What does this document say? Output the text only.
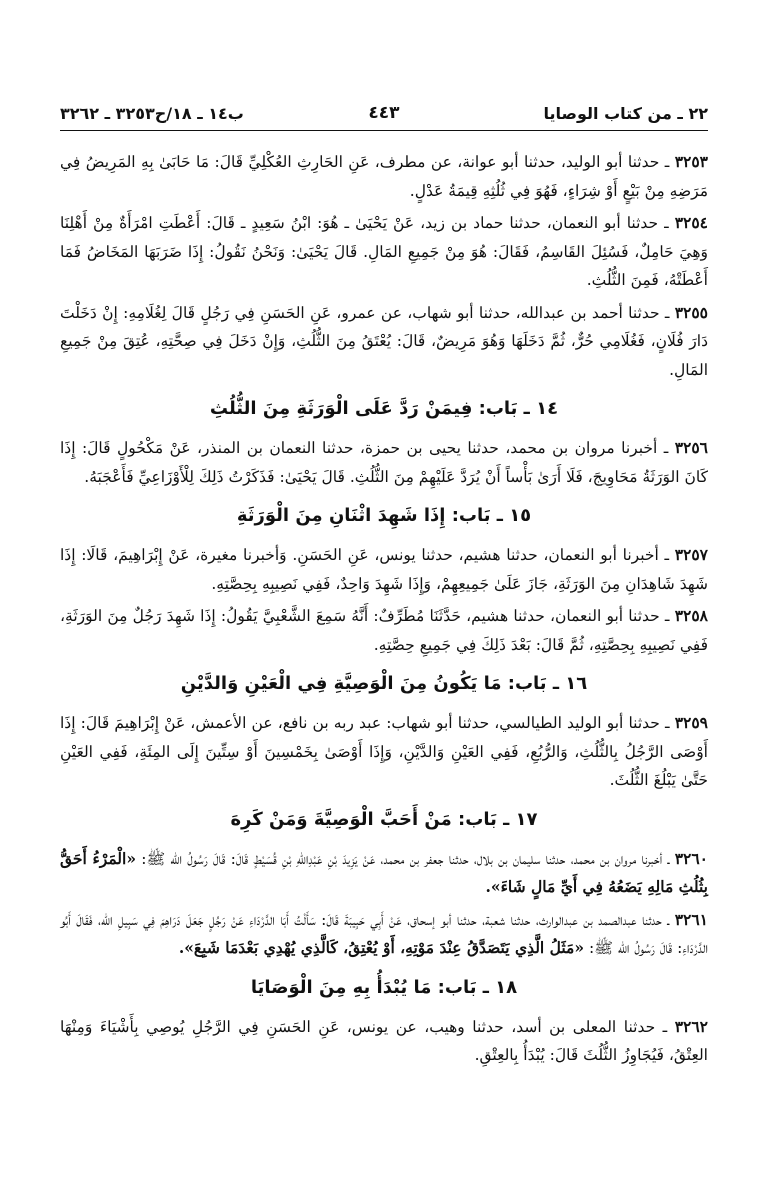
٢٢ ـ من كتاب الوصايا
٤٤٣
ب١٤ ـ ١٨/ح٣٢٥٣ ـ ٣٢٦٢

٣٢٥٣ ـ حدثنا أبو الوليد، حدثنا أبو عوانة، عن مطرف، عَنِ الحَارِثِ العُكْلِيِّ قَالَ: مَا حَابَىٰ بِهِ المَرِيضُ فِي مَرَضِهِ مِنْ بَيْعٍ أَوْ شِرَاءٍ، فَهُوَ فِي ثُلُثِهِ قِيمَةُ عَدْلٍ.

٣٢٥٤ ـ حدثنا أبو النعمان، حدثنا حماد بن زيد، عَنْ يَحْيَىٰ ـ هُوَ: ابْنُ سَعِيدٍ ـ قَالَ: أَعْطَتِ امْرَأَةٌ مِنْ أَهْلِنَا وَهِيَ حَامِلٌ، فَسُئِلَ القَاسِمُ، فَقَالَ: هُوَ مِنْ جَمِيعِ المَالِ. قَالَ يَحْيَىٰ: وَنَحْنُ نَقُولُ: إِذَا ضَرَبَهَا المَخَاضُ فَمَا أَعْطَتْهُ، فَمِنَ الثُّلُثِ.

٣٢٥٥ ـ حدثنا أحمد بن عبدالله، حدثنا أبو شهاب، عن عمرو، عَنِ الحَسَنِ فِي رَجُلٍ قَالَ لِغُلَامِهِ: إِنْ دَخَلْتَ دَارَ فُلَانٍ، فَغُلَامِي حُرٌّ، ثُمَّ دَخَلَهَا وَهُوَ مَرِيضٌ، قَالَ: يُعْتَقُ مِنَ الثُّلُثِ، وَإِنْ دَخَلَ فِي صِحَّتِهِ، عُتِقَ مِنْ جَمِيعِ المَالِ.

١٤ ـ بَاب: فِيمَنْ رَدَّ عَلَى الْوَرَثَةِ مِنَ الثُّلُثِ

٣٢٥٦ ـ أخبرنا مروان بن محمد، حدثنا يحيى بن حمزة، حدثنا النعمان بن المنذر، عَنْ مَكْحُولٍ قَالَ: إِذَا كَانَ الوَرَثَةُ مَحَاوِيجَ، فَلَا أَرَىٰ بَأْساً أَنْ يُرَدَّ عَلَيْهِمْ مِنَ الثُّلُثِ. قَالَ يَحْيَىٰ: فَذَكَرْتُ ذَلِكَ لِلْأَوْزَاعِيِّ فَأَعْجَبَهُ.

١٥ ـ بَاب: إِذَا شَهِدَ اثْنَانِ مِنَ الْوَرَثَةِ

٣٢٥٧ ـ أخبرنا أبو النعمان، حدثنا هشيم، حدثنا يونس، عَنِ الحَسَنِ. وَأخبرنا مغيرة، عَنْ إِبْرَاهِيمَ، قَالَا: إِذَا شَهِدَ شَاهِدَانِ مِنَ الوَرَثَةِ، جَازَ عَلَىٰ جَمِيعِهِمْ، وَإِذَا شَهِدَ وَاحِدٌ، فَفِي نَصِيبِهِ بِحِصَّتِهِ.

٣٢٥٨ ـ حدثنا أبو النعمان، حدثنا هشيم، حَدَّثَنَا مُطَرِّفٌ: أَنَّهُ سَمِعَ الشَّعْبِيَّ يَقُولُ: إِذَا شَهِدَ رَجُلٌ مِنَ الوَرَثَةِ، فَفِي نَصِيبِهِ بِحِصَّتِهِ، ثُمَّ قَالَ: بَعْدَ ذَلِكَ فِي جَمِيعِ حِصَّتِهِ.

١٦ ـ بَاب: مَا يَكُونُ مِنَ الْوَصِيَّةِ فِي الْعَيْنِ وَالدَّيْنِ

٣٢٥٩ ـ حدثنا أبو الوليد الطيالسي، حدثنا أبو شهاب: عبد ربه بن نافع، عن الأعمش، عَنْ إِبْرَاهِيمَ قَالَ: إِذَا أَوْصَى الرَّجُلُ بِالثُّلُثِ، وَالرُّبُعِ، فَفِي العَيْنِ وَالدَّيْنِ، وَإِذَا أَوْصَىٰ بِخَمْسِينَ أَوْ سِتِّينَ إِلَى المِئَةِ، فَفِي العَيْنِ حَتَّىٰ يَبْلُغَ الثُّلُثَ.

١٧ ـ بَاب: مَنْ أَحَبَّ الْوَصِيَّةَ وَمَنْ كَرِهَ

٣٢٦٠ ـ أخبرنا مروان بن محمد، حدثنا سليمان بن بلال، حدثنا جعفر بن محمد، عَنْ يَزِيدَ بْنِ عَبْدِاللهِ بْنِ قُسَيْطٍ قَالَ: قَالَ رَسُولُ الله ﷺ: «الْمَرْءُ أَحَقُّ بِثُلُثِ مَالِهِ يَضَعُهُ فِي أَيِّ مَالٍ شَاءَ».

٣٢٦١ ـ حدثنا عبدالصمد بن عبدالوارث، حدثنا شعبة، حدثنا أبو إسحاق، عَنْ أَبِي حَبِيبَةَ قَالَ: سَأَلْتُ أَبَا الدَّرْدَاءِ عَنْ رَجُلٍ جَعَلَ دَرَاهِمَ فِي سَبِيلِ الله، فَقَالَ أَبُو الدَّرْدَاءِ: قَالَ رَسُولُ الله ﷺ: «مَثَلُ الَّذِي يَتَصَدَّقُ عِنْدَ مَوْتِهِ، أَوْ يُعْتِقُ، كَالَّذِي يُهْدِي بَعْدَمَا شَبِعَ».

١٨ ـ بَاب: مَا يُبْدَأُ بِهِ مِنَ الْوَصَايَا

٣٢٦٢ ـ حدثنا المعلى بن أسد، حدثنا وهيب، عن يونس، عَنِ الحَسَنِ فِي الرَّجُلِ يُوصِي بِأَشْيَاءَ وَمِنْهَا العِتْقُ، فَيُجَاوِزُ الثُّلُثَ قَالَ: يُبْدَأُ بِالعِتْقِ.
